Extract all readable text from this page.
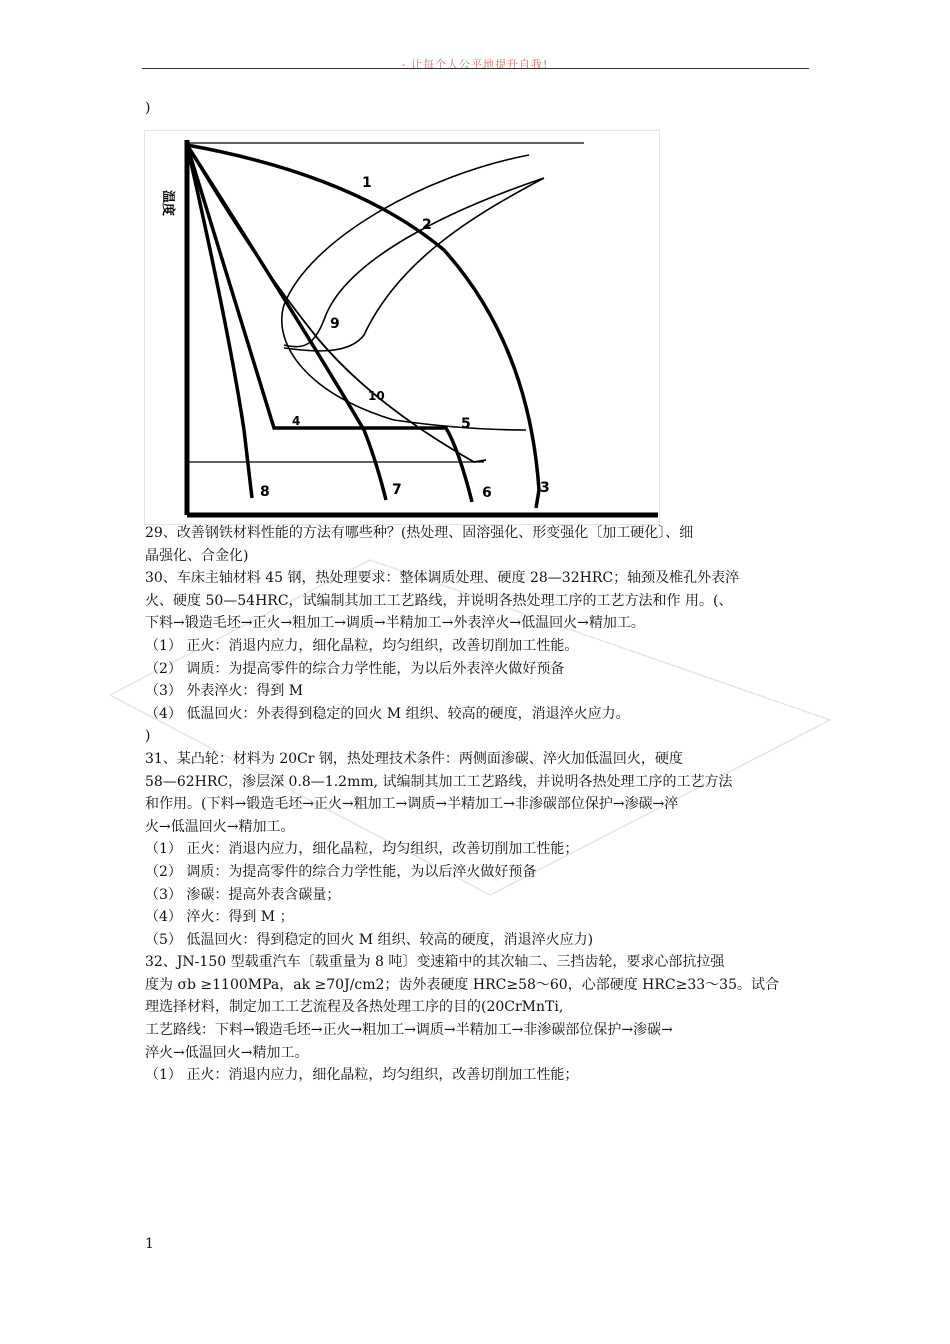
- 让每个人公平地提升自我!
)
1
2
3
4	5
6
7
8
9
10
温度

29、改善钢铁材料性能的方法有哪些种？(热处理、固溶强化、形变强化〔加工硬化〕、细

晶强化、合金化)

30、车床主轴材料 45 钢，热处理要求：整体调质处理、硬度 28—32HRC；轴颈及椎孔外表淬

火、硬度 50—54HRC，试编制其加工工艺路线，并说明各热处理工序的工艺方法和作 用。(、

下料→锻造毛坯→正火→粗加工→调质→半精加工→外表淬火→低温回火→精加工。

（1） 正火：消退内应力，细化晶粒，均匀组织，改善切削加工性能。

（2） 调质：为提高零件的综合力学性能，为以后外表淬火做好预备

（3） 外表淬火：得到 M

（4） 低温回火：外表得到稳定的回火 M 组织、较高的硬度，消退淬火应力。

)

31、某凸轮：材料为 20Cr 钢，热处理技术条件：两侧面渗碳、淬火加低温回火，硬度

58—62HRC，渗层深 0.8—1.2mm, 试编制其加工工艺路线，并说明各热处理工序的工艺方法

和作用。(下料→锻造毛坯→正火→粗加工→调质→半精加工→非渗碳部位保护→渗碳→淬

火→低温回火→精加工。

（1） 正火：消退内应力，细化晶粒，均匀组织，改善切削加工性能；

（2） 调质：为提高零件的综合力学性能，为以后淬火做好预备

（3） 渗碳：提高外表含碳量；

（4） 淬火：得到 M ；

（5） 低温回火：得到稳定的回火 M 组织、较高的硬度，消退淬火应力)

32、JN-150 型载重汽车〔载重量为 8 吨〕变速箱中的其次轴二、三挡齿轮，要求心部抗拉强

度为 σb ≥1100MPa，ak ≥70J/cm2；齿外表硬度 HRC≥58～60，心部硬度 HRC≥33～35。试合

理选择材料，制定加工工艺流程及各热处理工序的目的(20CrMnTi,

工艺路线：下料→锻造毛坯→正火→粗加工→调质→半精加工→非渗碳部位保护→渗碳→

淬火→低温回火→精加工。

（1） 正火：消退内应力，细化晶粒，均匀组织，改善切削加工性能；

1
